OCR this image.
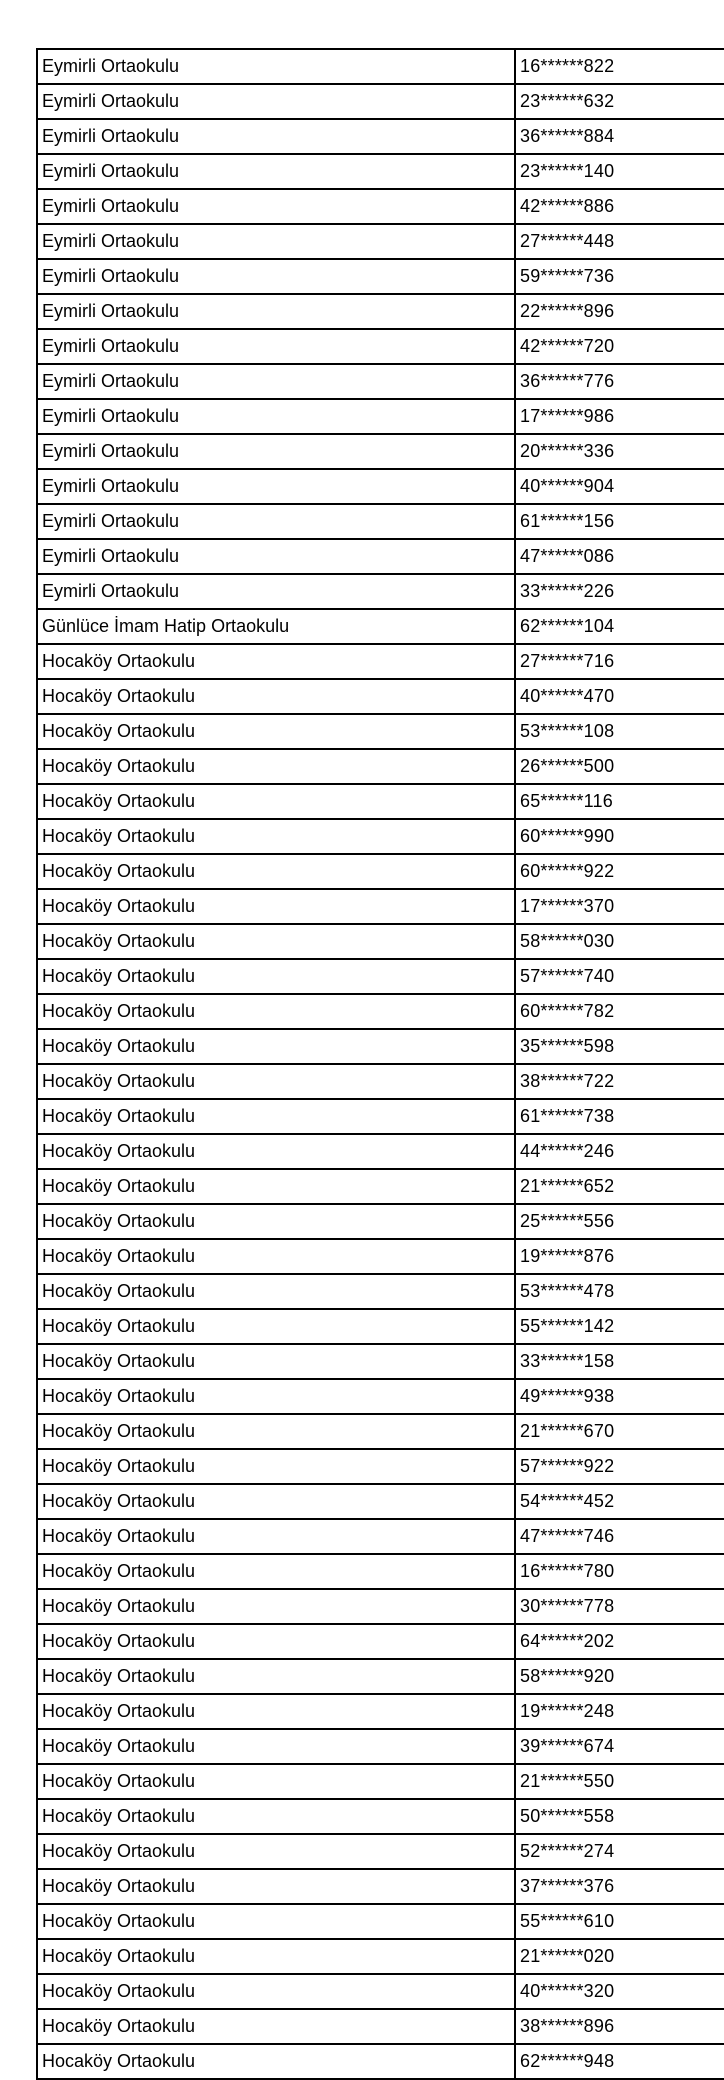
Eymirli Ortaokulu	16******822
Eymirli Ortaokulu	23******632
Eymirli Ortaokulu	36******884
Eymirli Ortaokulu	23******140
Eymirli Ortaokulu	42******886
Eymirli Ortaokulu	27******448
Eymirli Ortaokulu	59******736
Eymirli Ortaokulu	22******896
Eymirli Ortaokulu	42******720
Eymirli Ortaokulu	36******776
Eymirli Ortaokulu	17******986
Eymirli Ortaokulu	20******336
Eymirli Ortaokulu	40******904
Eymirli Ortaokulu	61******156
Eymirli Ortaokulu	47******086
Eymirli Ortaokulu	33******226
Günlüce İmam Hatip Ortaokulu	62******104
Hocaköy Ortaokulu	27******716
Hocaköy Ortaokulu	40******470
Hocaköy Ortaokulu	53******108
Hocaköy Ortaokulu	26******500
Hocaköy Ortaokulu	65******116
Hocaköy Ortaokulu	60******990
Hocaköy Ortaokulu	60******922
Hocaköy Ortaokulu	17******370
Hocaköy Ortaokulu	58******030
Hocaköy Ortaokulu	57******740
Hocaköy Ortaokulu	60******782
Hocaköy Ortaokulu	35******598
Hocaköy Ortaokulu	38******722
Hocaköy Ortaokulu	61******738
Hocaköy Ortaokulu	44******246
Hocaköy Ortaokulu	21******652
Hocaköy Ortaokulu	25******556
Hocaköy Ortaokulu	19******876
Hocaköy Ortaokulu	53******478
Hocaköy Ortaokulu	55******142
Hocaköy Ortaokulu	33******158
Hocaköy Ortaokulu	49******938
Hocaköy Ortaokulu	21******670
Hocaköy Ortaokulu	57******922
Hocaköy Ortaokulu	54******452
Hocaköy Ortaokulu	47******746
Hocaköy Ortaokulu	16******780
Hocaköy Ortaokulu	30******778
Hocaköy Ortaokulu	64******202
Hocaköy Ortaokulu	58******920
Hocaköy Ortaokulu	19******248
Hocaköy Ortaokulu	39******674
Hocaköy Ortaokulu	21******550
Hocaköy Ortaokulu	50******558
Hocaköy Ortaokulu	52******274
Hocaköy Ortaokulu	37******376
Hocaköy Ortaokulu	55******610
Hocaköy Ortaokulu	21******020
Hocaköy Ortaokulu	40******320
Hocaköy Ortaokulu	38******896
Hocaköy Ortaokulu	62******948
